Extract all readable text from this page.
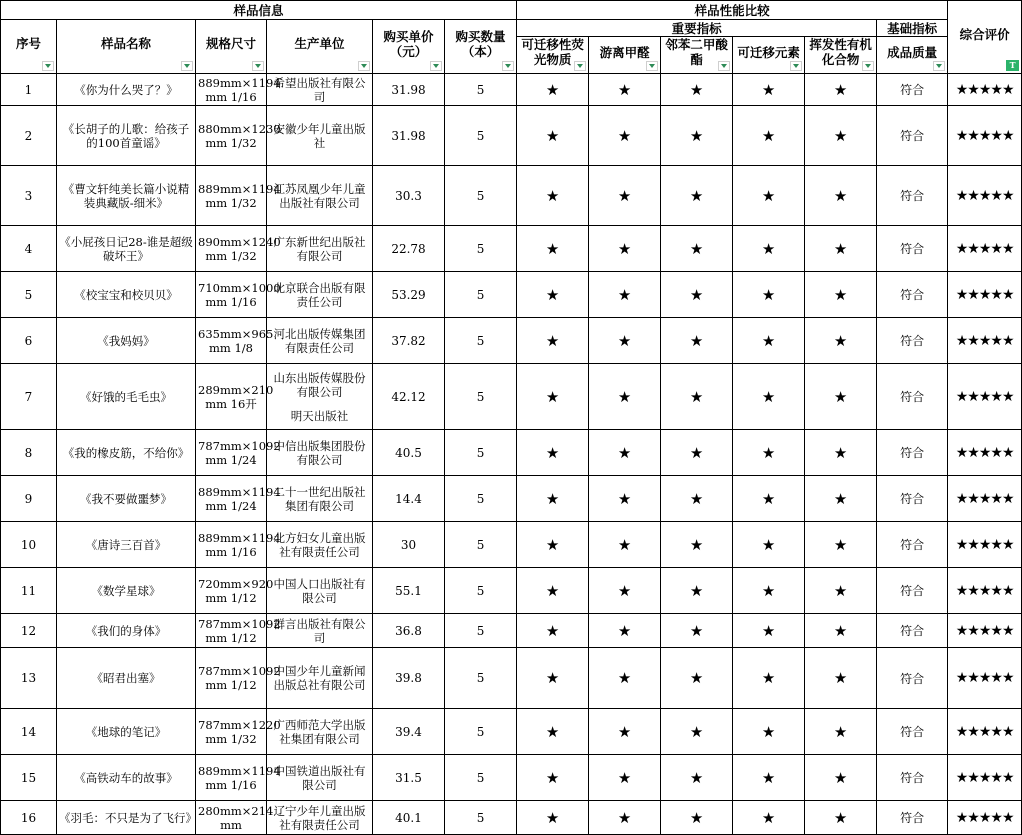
样品信息						样品性能比较						综合评价
T

序号	样品名称	规格尺寸	生产单位	购买单价（元）	购买数量（本）	重要指标					基础指标	
						可迁移性荧光物质	游离甲醛	邻苯二甲酸酯	可迁移元素	挥发性有机化合物	成品质量	

1	《你为什么哭了？》	889mm×1194 mm 1/16	希望出版社有限公司	31.98	5	★	★	★	★	★	符合	★★★★★
2	《长胡子的儿歌：给孩子的100首童谣》	880mm×1230 mm 1/32	安徽少年儿童出版社	31.98	5	★	★	★	★	★	符合	★★★★★
3	《曹文轩纯美长篇小说精装典藏版-细米》	889mm×1194 mm 1/32	江苏凤凰少年儿童出版社有限公司	30.3	5	★	★	★	★	★	符合	★★★★★
4	《小屁孩日记28-谁是超级破坏王》	890mm×1240 mm 1/32	广东新世纪出版社有限公司	22.78	5	★	★	★	★	★	符合	★★★★★
5	《校宝宝和校贝贝》	710mm×1000 mm 1/16	北京联合出版有限责任公司	53.29	5	★	★	★	★	★	符合	★★★★★
6	《我妈妈》	635mm×965 mm 1/8	河北出版传媒集团有限责任公司	37.82	5	★	★	★	★	★	符合	★★★★★
7	《好饿的毛毛虫》	289mm×210 mm 16开	山东出版传媒股份有限公司
明天出版社	42.12	5	★	★	★	★	★	符合	★★★★★
8	《我的橡皮筋，不给你》	787mm×1092 mm 1/24	中信出版集团股份有限公司	40.5	5	★	★	★	★	★	符合	★★★★★
9	《我不要做噩梦》	889mm×1194 mm 1/24	二十一世纪出版社集团有限公司	14.4	5	★	★	★	★	★	符合	★★★★★
10	《唐诗三百首》	889mm×1194 mm 1/16	北方妇女儿童出版社有限责任公司	30	5	★	★	★	★	★	符合	★★★★★
11	《数学星球》	720mm×920 mm 1/12	中国人口出版社有限公司	55.1	5	★	★	★	★	★	符合	★★★★★
12	《我们的身体》	787mm×1092 mm 1/12	群言出版社有限公司	36.8	5	★	★	★	★	★	符合	★★★★★
13	《昭君出塞》	787mm×1092 mm 1/12	中国少年儿童新闻出版总社有限公司	39.8	5	★	★	★	★	★	符合	★★★★★
14	《地球的笔记》	787mm×1220 mm 1/32	广西师范大学出版社集团有限公司	39.4	5	★	★	★	★	★	符合	★★★★★
15	《高铁动车的故事》	889mm×1194 mm 1/16	中国铁道出版社有限公司	31.5	5	★	★	★	★	★	符合	★★★★★
16	《羽毛：不只是为了飞行》	280mm×214 mm	辽宁少年儿童出版社有限责任公司	40.1	5	★	★	★	★	★	符合	★★★★★
